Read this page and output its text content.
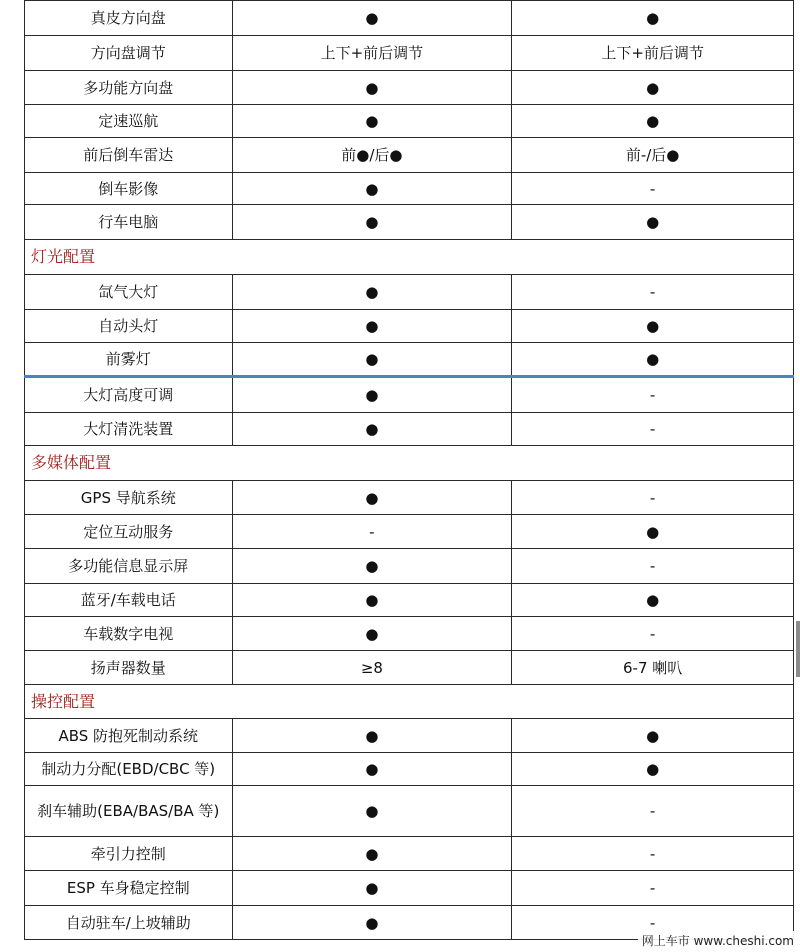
真皮方向盘	●	●
方向盘调节	上下+前后调节	上下+前后调节
多功能方向盘	●	●
定速巡航	●	●
前后倒车雷达	前●/后●	前-/后●
倒车影像	●	-
行车电脑	●	●
灯光配置		
氙气大灯	●	-
自动头灯	●	●
前雾灯	●	●
大灯高度可调	●	-
大灯清洗装置	●	-
多媒体配置		
GPS 导航系统	●	-
定位互动服务	-	●
多功能信息显示屏	●	-
蓝牙/车载电话	●	●
车载数字电视	●	-
扬声器数量	≥8	6-7 喇叭
操控配置		
ABS 防抱死制动系统	●	●
制动力分配(EBD/CBC 等)	●	●
刹车辅助(EBA/BAS/BA 等)	●	-
牵引力控制	●	-
ESP 车身稳定控制	●	-
自动驻车/上坡辅助	●	-
网上车市 www.cheshi.com
